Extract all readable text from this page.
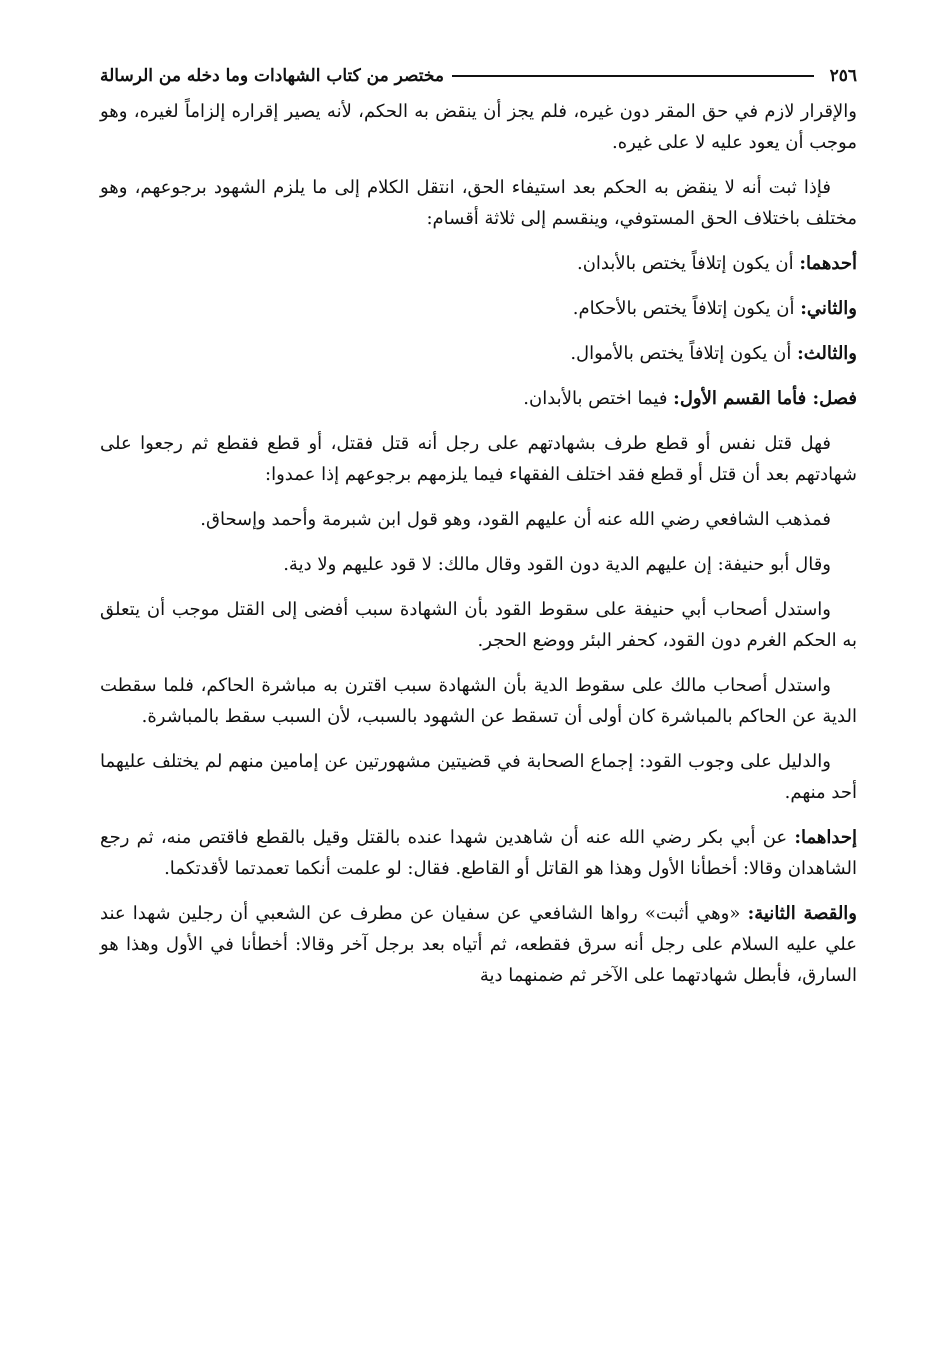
٢٥٦
مختصر من كتاب الشهادات وما دخله من الرسالة

والإقرار لازم في حق المقر دون غيره، فلم يجز أن ينقض به الحكم، لأنه يصير إقراره إلزاماً لغيره، وهو موجب أن يعود عليه لا على غيره.

فإذا ثبت أنه لا ينقض به الحكم بعد استيفاء الحق، انتقل الكلام إلى ما يلزم الشهود برجوعهم، وهو مختلف باختلاف الحق المستوفي، وينقسم إلى ثلاثة أقسام:

أحدهما: أن يكون إتلافاً يختص بالأبدان.

والثاني: أن يكون إتلافاً يختص بالأحكام.

والثالث: أن يكون إتلافاً يختص بالأموال.

فصل: فأما القسم الأول: فيما اختص بالأبدان.

فهل قتل نفس أو قطع طرف بشهادتهم على رجل أنه قتل فقتل، أو قطع فقطع ثم رجعوا على شهادتهم بعد أن قتل أو قطع فقد اختلف الفقهاء فيما يلزمهم برجوعهم إذا عمدوا:

فمذهب الشافعي رضي الله عنه أن عليهم القود، وهو قول ابن شبرمة وأحمد وإسحاق.

وقال أبو حنيفة: إن عليهم الدية دون القود وقال مالك: لا قود عليهم ولا دية.

واستدل أصحاب أبي حنيفة على سقوط القود بأن الشهادة سبب أفضى إلى القتل موجب أن يتعلق به الحكم الغرم دون القود، كحفر البئر ووضع الحجر.

واستدل أصحاب مالك على سقوط الدية بأن الشهادة سبب اقترن به مباشرة الحاكم، فلما سقطت الدية عن الحاكم بالمباشرة كان أولى أن تسقط عن الشهود بالسبب، لأن السبب سقط بالمباشرة.

والدليل على وجوب القود: إجماع الصحابة في قضيتين مشهورتين عن إمامين منهم لم يختلف عليهما أحد منهم.

إحداهما: عن أبي بكر رضي الله عنه أن شاهدين شهدا عنده بالقتل وقيل بالقطع فاقتص منه، ثم رجع الشاهدان وقالا: أخطأنا الأول وهذا هو القاتل أو القاطع. فقال: لو علمت أنكما تعمدتما لأقدتكما.

والقصة الثانية: «وهي أثبت» رواها الشافعي عن سفيان عن مطرف عن الشعبي أن رجلين شهدا عند علي عليه السلام على رجل أنه سرق فقطعه، ثم أتياه بعد برجل آخر وقالا: أخطأنا في الأول وهذا هو السارق، فأبطل شهادتهما على الآخر ثم ضمنهما دية
